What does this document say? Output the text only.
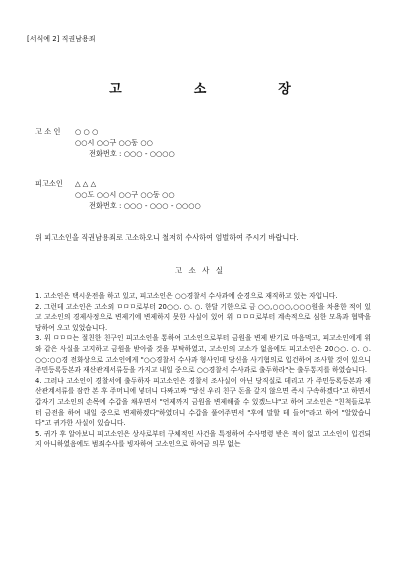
[서식예 2] 직권남용죄
고	소	장
고 소 인 ○ ○ ○
○○시 ○○구 ○○동 ○○
전화번호 : ○○○ - ○○○○
피고소인 △ △ △
○○도 ○○시 ○○구 ○○동 ○○
전화번호 : ○○○ - ○○○ - ○○○○
위 피고소인을 직권남용죄로 고소하오니 철저히 수사하여 엄벌하여 주시기 바랍니다.
고 소 사 실

1. 고소인은 택시운전을 하고 있고, 피고소인은 ○○경찰서 수사과에 순경으로 재직하고 있는 자입니다.

2. 그런데 고소인은 고소외 ㅁㅁㅁ로부터 20○○. ○. ○. 한달 기한으로 금 ○○,○○○,○○○원을 차용한 적이 있고 고소인의 경제사정으로 변제기에 변제하지 못한 사실이 있어 위 ㅁㅁㅁ로부터 계속적으로 심한 모욕과 협박을 당하여 오고 있었습니다.

3. 위 ㅁㅁㅁ는 절친한 친구인 피고소인을 통하여 고소인으로부터 금원을 변제 받기로 마음먹고, 피고소인에게 위와 같은 사실을 고지하고 금원을 받아줄 것을 부탁하였고, 고소인의 고소가 없음에도 피고소인은 20○○. ○. ○. ○○:○○경 전화상으로 고소인에게 "○○경찰서 수사과 형사인데 당신을 사기혐의로 입건하여 조사할 것이 있으니 주민등록등본과 재산관계서류등을 가지고 내일 중으로 ○○경찰서 수사과로 출두하라"는 출두통지를 하였습니다.

4. 그러나 고소인이 경찰서에 출두하자 피고소인은 경찰서 조사실이 아닌 당직실로 데리고 가 주민등록등본과 재산관계서류를 잠깐 본 후 주머니에 넣더니 다짜고짜 "당신 우리 친구 돈을 갚지 않으면 즉시 구속하겠다"고 하면서 갑자기 고소인의 손목에 수갑을 채우면서 "언제까지 금원을 변제해줄 수 있겠느냐"고 하여 고소인은 "친척들로부터 금전을 하여 내일 중으로 변제하겠다"하였더니 수갑을 풀어주면서 "후에 말할 테 들어"라고 하여 "알았습니다"고 귀가한 사실이 있습니다.

5. 귀가 후 알아보니 피고소인은 상사로부터 구체적인 사건을 특정하여 수사명령 받은 적이 없고 고소인이 입건되지 아니하였음에도 범죄수사를 빙자하여 고소인으로 하여금 의무 없는
